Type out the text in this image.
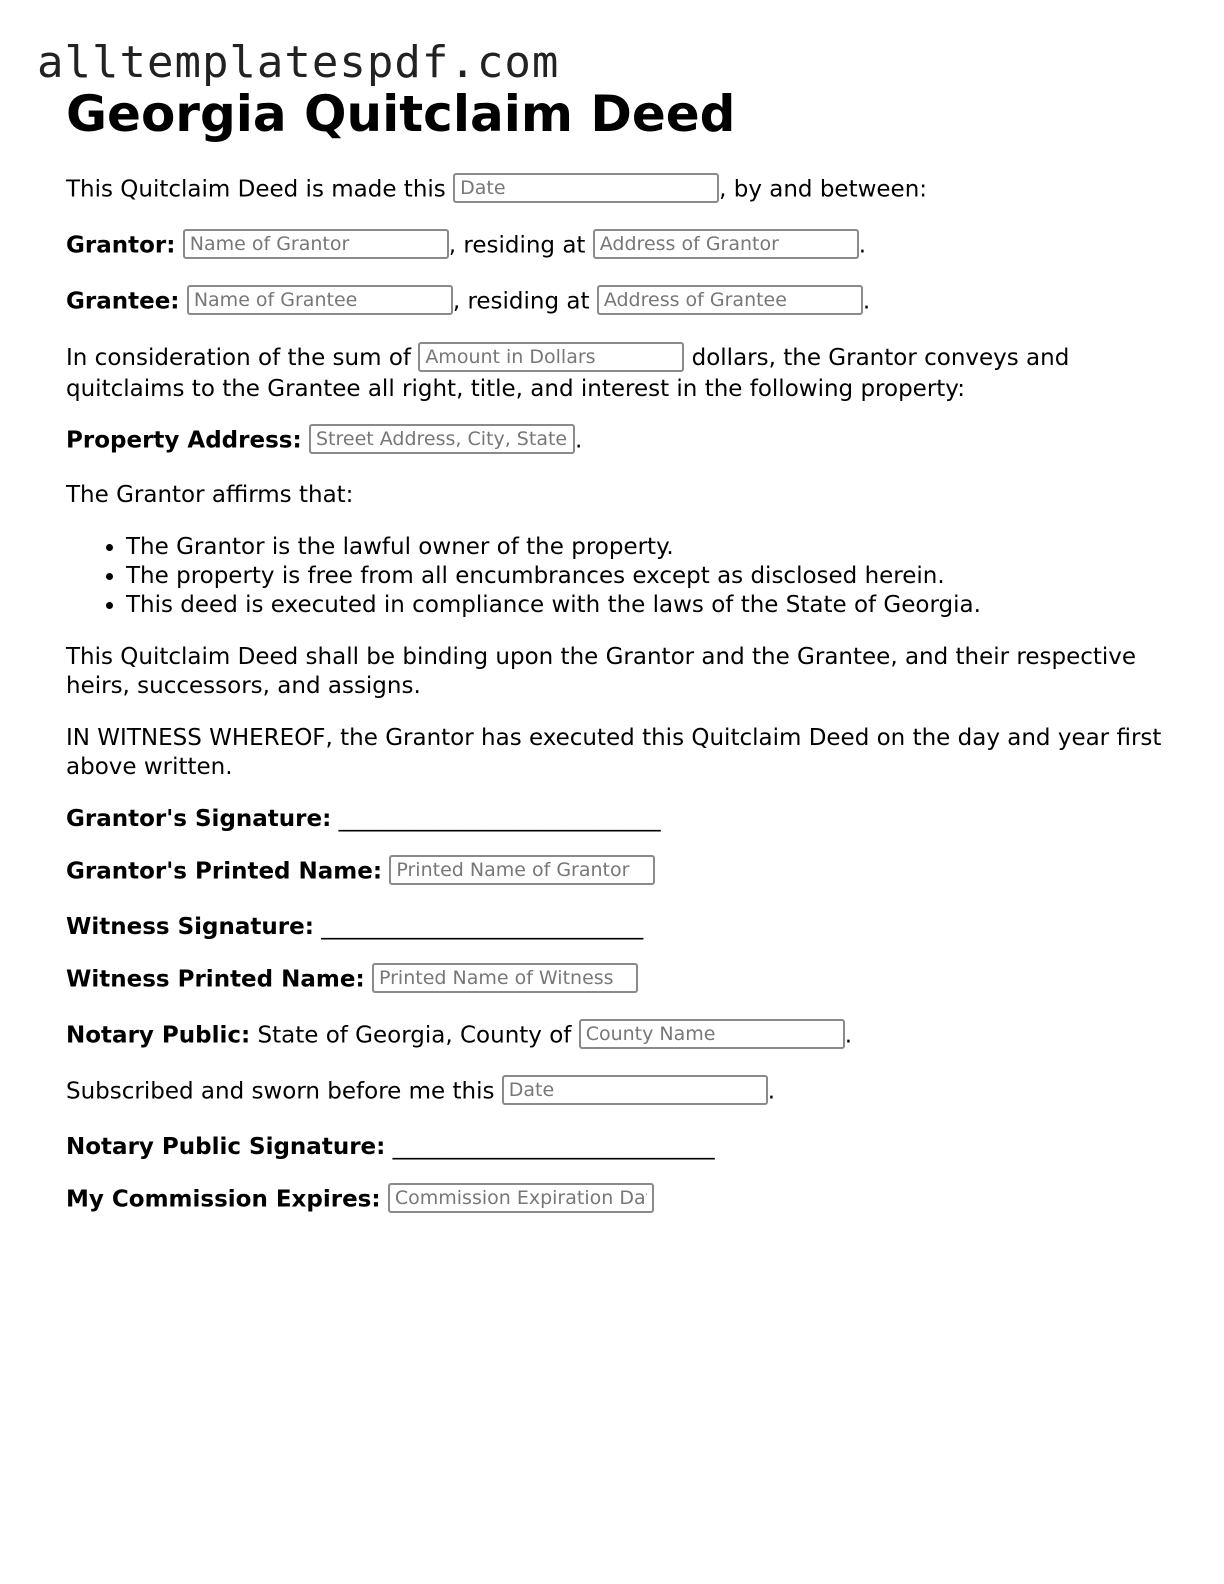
alltemplatespdf.com
Georgia Quitclaim Deed

This Quitclaim Deed is made this Date	, by and between:

Grantor: Name of Grantor	, residing at Address of Grantor	.

Grantee: Name of Grantee	, residing at Address of Grantee	.

In consideration of the sum of Amount in Dollars	dollars, the Grantor conveys and quitclaims to the Grantee all right, title, and interest in the following property:

Property Address: Street Address, City, State	.

The Grantor affirms that:

• The Grantor is the lawful owner of the property.
• The property is free from all encumbrances except as disclosed herein.
• This deed is executed in compliance with the laws of the State of Georgia.

This Quitclaim Deed shall be binding upon the Grantor and the Grantee, and their respective heirs, successors, and assigns.

IN WITNESS WHEREOF, the Grantor has executed this Quitclaim Deed on the day and year first above written.

Grantor's Signature: ____________________________

Grantor's Printed Name: Printed Name of Grantor

Witness Signature: ____________________________

Witness Printed Name: Printed Name of Witness

Notary Public: State of Georgia, County of County Name	.

Subscribed and sworn before me this Date	.

Notary Public Signature: ____________________________

My Commission Expires: Commission Expiration Date
